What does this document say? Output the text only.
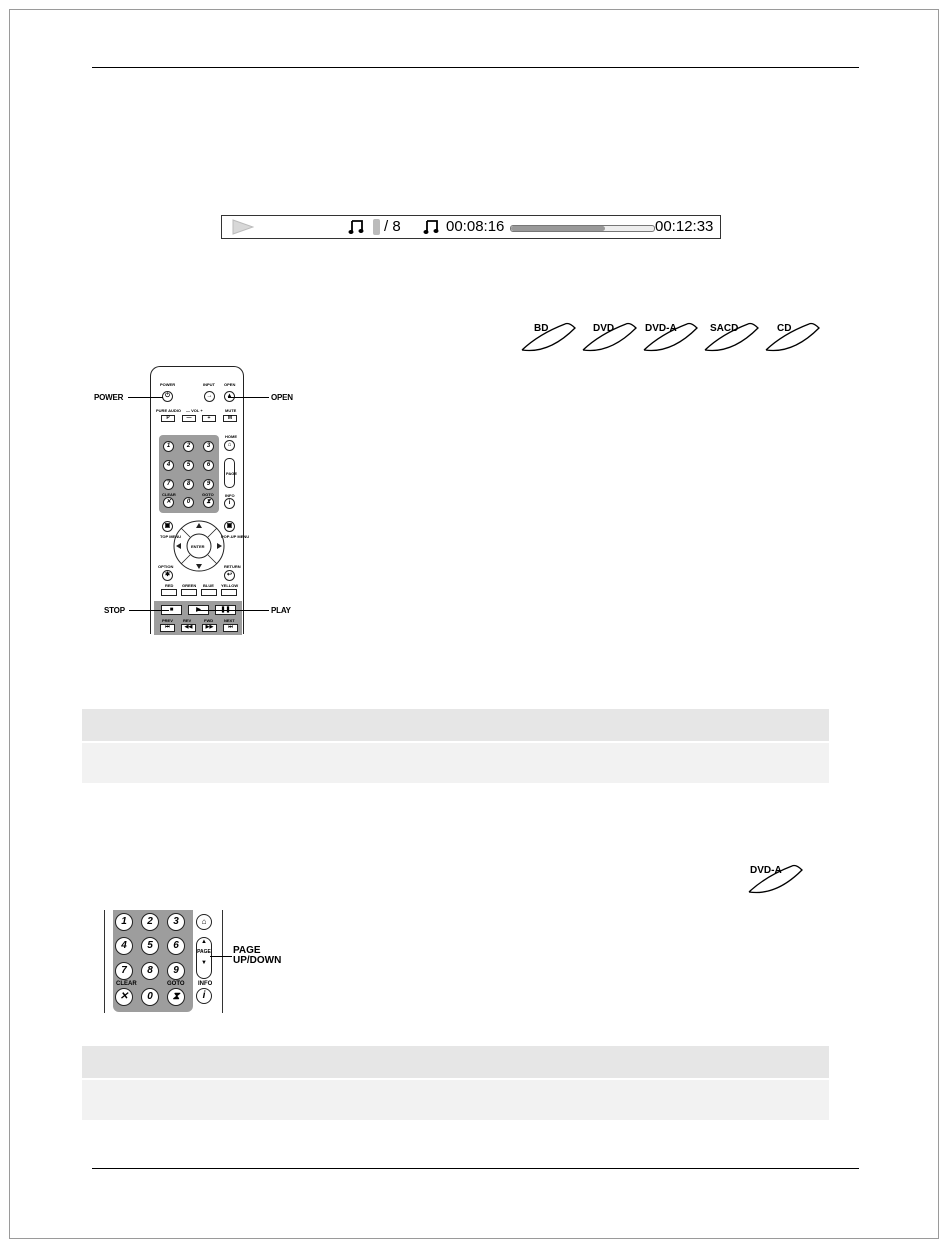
/ 8	00:08:16	00:12:33
BD	DVD	DVD-A	SACD	CD
POWER	INPUT OPEN
⏻	→	▲
PURE AUDIO — VOL +	MUTE
P	—	+	M
1	2	3
4	5	6
7	8	9
CLEAR	GOTO
✕	0	⧗
HOME
⌂
PAGE
INFO
i
ENTER
▣	▣
TOP MENU	POP-UP MENU
OPTION	RETURN
✱	↩
RED GREEN BLUE YELLOW
■	▶	❚❚
PREV	REV	FWD	NEXT
⏮	◀◀	▶▶	⏭
POWER	OPEN
STOP	PLAY
DVD-A
1	2	3
4	5	6
7	8	9
CLEAR	GOTO
✕	0	⧗
⌂
▲
PAGE
▼
INFO
i
PAGE
UP/DOWN
